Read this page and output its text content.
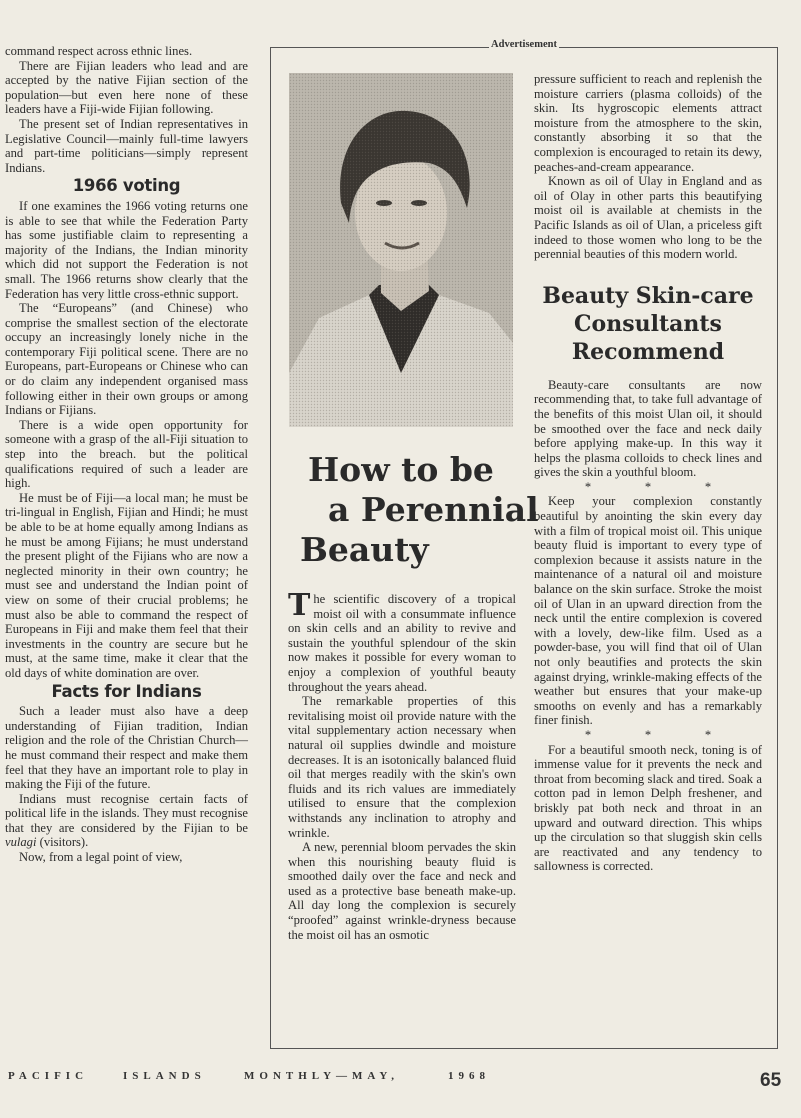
command respect across ethnic lines.

There are Fijian leaders who lead and are accepted by the native Fijian section of the population—but even here none of these leaders have a Fiji-wide Fijian following.

The present set of Indian representatives in Legislative Council—mainly full-time lawyers and part-time politicians—simply represent Indians.

1966 voting

If one examines the 1966 voting returns one is able to see that while the Federation Party has some justifiable claim to representing a majority of the Indians, the Indian minority which did not support the Federation is not small. The 1966 returns show clearly that the Federation has very little cross-ethnic support.

The “Europeans” (and Chinese) who comprise the smallest section of the electorate occupy an increasingly lonely niche in the contemporary Fiji political scene. There are no Europeans, part-Europeans or Chinese who can or do claim any independent organised mass following either in their own groups or among Indians or Fijians.

There is a wide open opportunity for someone with a grasp of the all-Fiji situation to step into the breach. but the political qualifications required of such a leader are high.

He must be of Fiji—a local man; he must be tri-lingual in English, Fijian and Hindi; he must be able to be at home equally among Indians as he must be among Fijians; he must understand the present plight of the Fijians who are now a neglected minority in their own country; he must see and understand the Indian point of view on some of their crucial problems; he must also be able to command the respect of Europeans in Fiji and make them feel that their investments in the country are secure but he must, at the same time, make it clear that the old days of white domination are over.

Facts for Indians

Such a leader must also have a deep understanding of Fijian tradition, Indian religion and the role of the Christian Church—he must command their respect and make them feel that they have an important role to play in making the Fiji of the future.

Indians must recognise certain facts of political life in the islands. They must recognise that they are considered by the Fijian to be vulagi (visitors).

Now, from a legal point of view,

Advertisement
How to be
a Perennial
Beauty

The scientific discovery of a tropical moist oil with a consummate influence on skin cells and an ability to revive and sustain the youthful splendour of the skin now makes it possible for every woman to enjoy a complexion of youthful beauty throughout the years ahead.

The remarkable properties of this revitalising moist oil provide nature with the vital supplementary action necessary when natural oil supplies dwindle and moisture decreases. It is an isotonically balanced fluid oil that merges readily with the skin's own fluids and its rich values are immediately utilised to ensure that the complexion withstands any inclination to atrophy and wrinkle.

A new, perennial bloom pervades the skin when this nourishing beauty fluid is smoothed daily over the face and neck and used as a protective base beneath make-up. All day long the complexion is securely “proofed” against wrinkle-dryness because the moist oil has an osmotic

pressure sufficient to reach and replenish the moisture carriers (plasma colloids) of the skin. Its hygroscopic elements attract moisture from the atmosphere to the skin, constantly absorbing it so that the complexion is encouraged to retain its dewy, peaches-and-cream appearance.

Known as oil of Ulay in England and as oil of Olay in other parts this beautifying moist oil is available at chemists in the Pacific Islands as oil of Ulan, a priceless gift indeed to those women who long to be the perennial beauties of this modern world.

Beauty Skin-care
Consultants
Recommend

Beauty-care consultants are now recommending that, to take full advantage of the benefits of this moist Ulan oil, it should be smoothed over the face and neck daily before applying make-up. In this way it helps the plasma colloids to check lines and gives the skin a youthful bloom.

*	*	*

Keep your complexion constantly beautiful by anointing the skin every day with a film of tropical moist oil. This unique beauty fluid is important to every type of complexion because it assists nature in the maintenance of a natural oil and moisture balance on the skin surface. Stroke the moist oil of Ulan in an upward direction from the neck until the entire complexion is covered with a lovely, dew-like film. Used as a powder-base, you will find that oil of Ulan not only beautifies and protects the skin against drying, wrinkle-making effects of the weather but ensures that your make-up smooths on evenly and has a remarkably finer finish.

*	*	*

For a beautiful smooth neck, toning is of immense value for it prevents the neck and throat from becoming slack and tired. Soak a cotton pad in lemon Delph freshener, and briskly pat both neck and throat in an upward and outward direction. This whips up the circulation so that sluggish skin cells are reactivated and any tendency to sallowness is corrected.

PACIFIC	ISLANDS	MONTHLY—MAY,	1968	65
